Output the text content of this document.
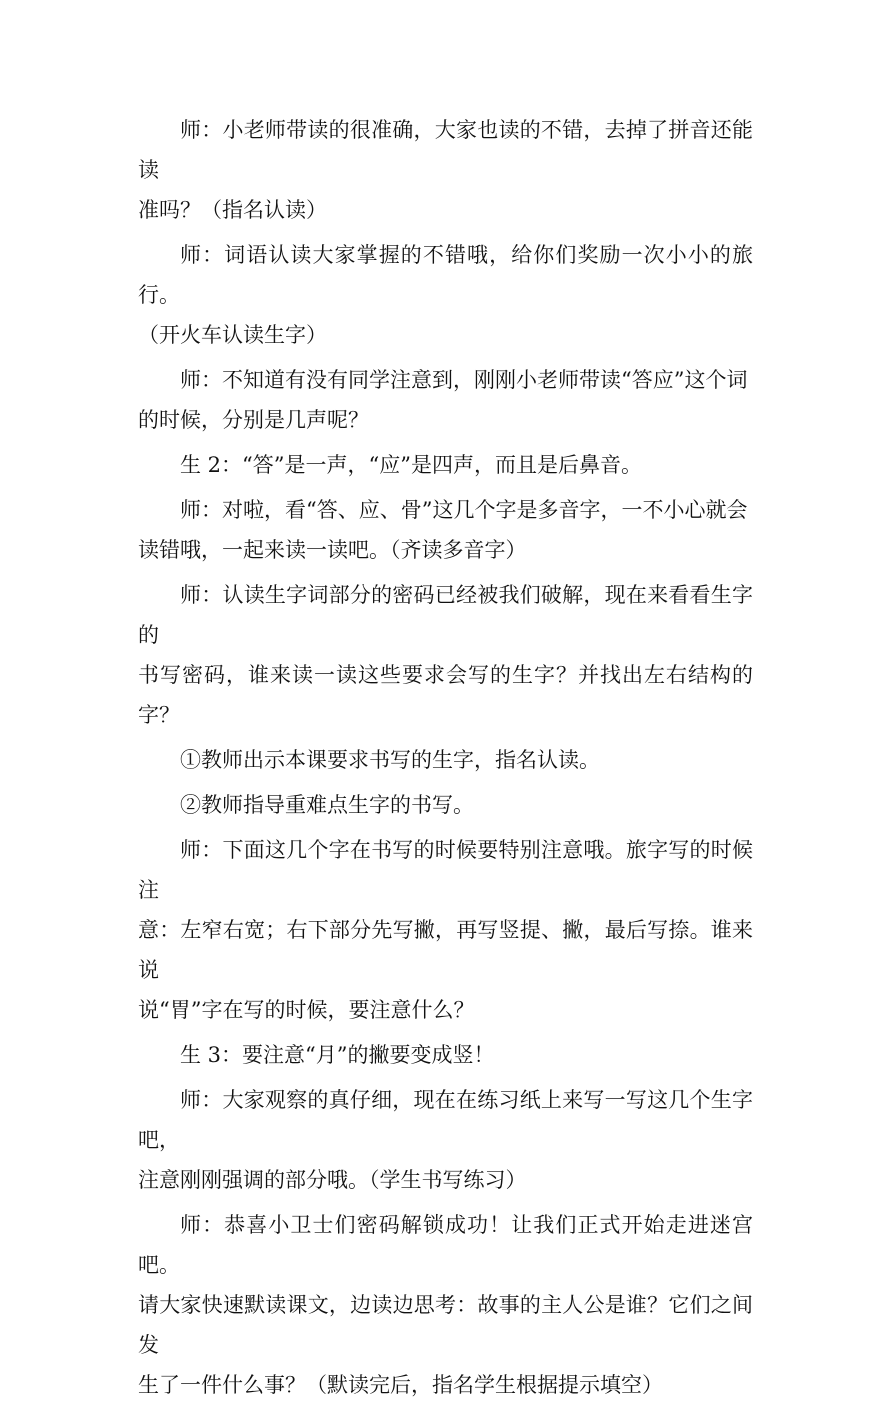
师：小老师带读的很准确，大家也读的不错，去掉了拼音还能读
准吗？（指名认读）

师：词语认读大家掌握的不错哦，给你们奖励一次小小的旅行。
（开火车认读生字）

师：不知道有没有同学注意到，刚刚小老师带读“答应”这个词
的时候，分别是几声呢？

生 2：“答”是一声，“应”是四声，而且是后鼻音。

师：对啦，看“答、应、骨”这几个字是多音字，一不小心就会
读错哦，一起来读一读吧。（齐读多音字）

师：认读生字词部分的密码已经被我们破解，现在来看看生字的
书写密码，谁来读一读这些要求会写的生字？并找出左右结构的字？

①教师出示本课要求书写的生字，指名认读。

②教师指导重难点生字的书写。

师：下面这几个字在书写的时候要特别注意哦。旅字写的时候注
意：左窄右宽；右下部分先写撇，再写竖提、撇，最后写捺。谁来说
说“胃”字在写的时候，要注意什么？

生 3：要注意“月”的撇要变成竖！

师：大家观察的真仔细，现在在练习纸上来写一写这几个生字吧，
注意刚刚强调的部分哦。（学生书写练习）

师：恭喜小卫士们密码解锁成功！让我们正式开始走进迷宫吧。
请大家快速默读课文，边读边思考：故事的主人公是谁？它们之间发
生了一件什么事？（默读完后，指名学生根据提示填空）
